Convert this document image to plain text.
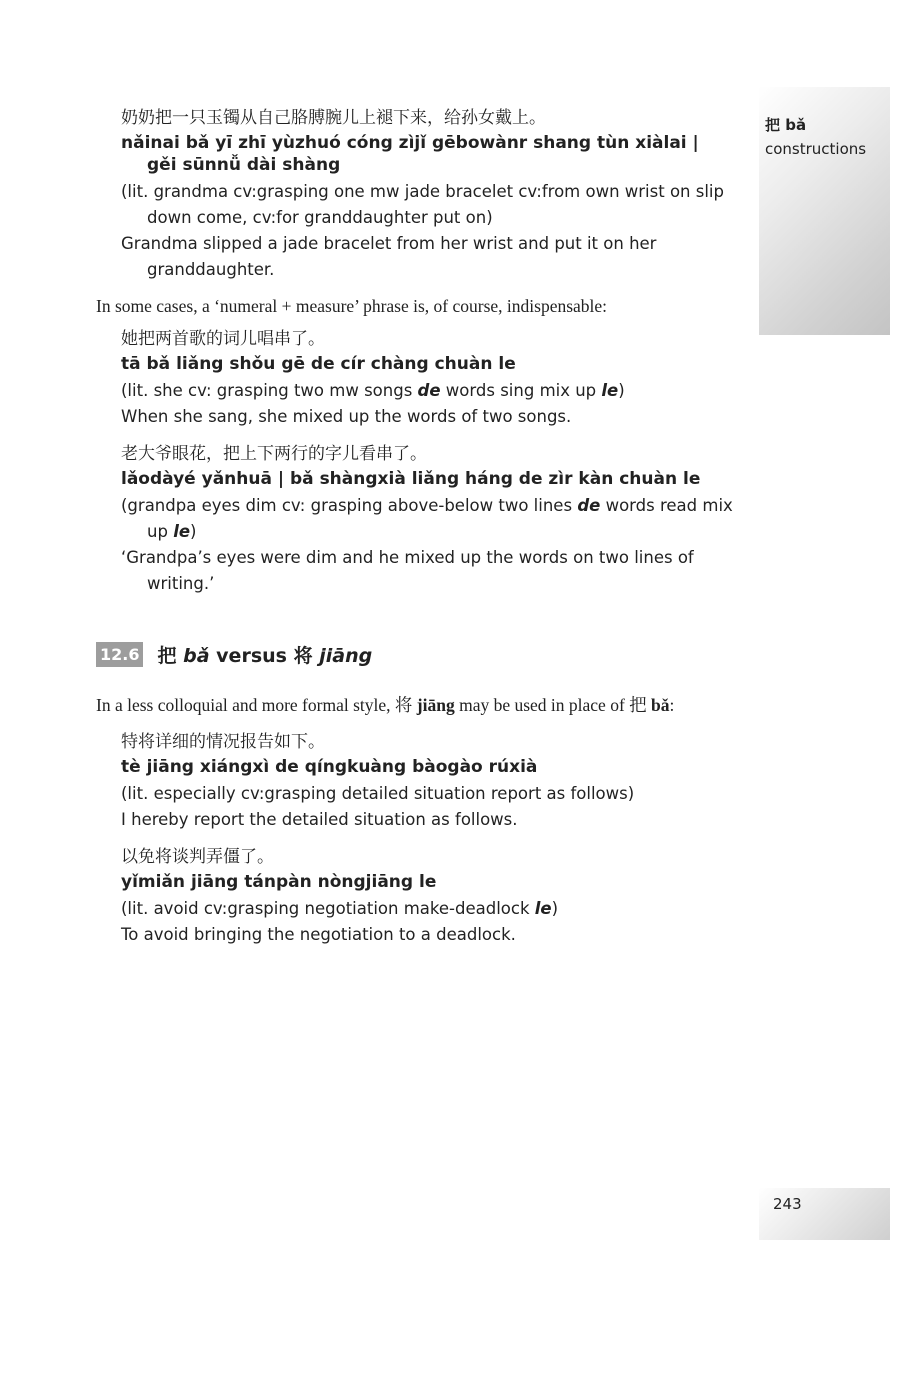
把 bǎ
constructions
243
奶奶把一只玉镯从自己胳膊腕儿上褪下来，给孙女戴上。
nǎinai bǎ yī zhī yùzhuó cóng zìjǐ gēbowànr shang tùn xiàlai |
gěi sūnnǚ dài shàng
(lit. grandma cv:grasping one mw jade bracelet cv:from own wrist on slip down come, cv:for granddaughter put on)
Grandma slipped a jade bracelet from her wrist and put it on her granddaughter.
In some cases, a ‘numeral + measure’ phrase is, of course, indispensable:
她把两首歌的词儿唱串了。
tā bǎ liǎng shǒu gē de cír chàng chuàn le
(lit. she cv: grasping two mw songs de words sing mix up le)
When she sang, she mixed up the words of two songs.
老大爷眼花，把上下两行的字儿看串了。
lǎodàyé yǎnhuā | bǎ shàngxià liǎng háng de zìr kàn chuàn le
(grandpa eyes dim cv: grasping above-below two lines de words read mix up le)
‘Grandpa’s eyes were dim and he mixed up the words on two lines of writing.’
12.6 把 bǎ versus 将 jiāng
In a less colloquial and more formal style, 将 jiāng may be used in place of 把 bǎ:
特将详细的情况报告如下。
tè jiāng xiángxì de qíngkuàng bàogào rúxià
(lit. especially cv:grasping detailed situation report as follows)
I hereby report the detailed situation as follows.
以免将谈判弄僵了。
yǐmiǎn jiāng tánpàn nòngjiāng le
(lit. avoid cv:grasping negotiation make-deadlock le)
To avoid bringing the negotiation to a deadlock.
